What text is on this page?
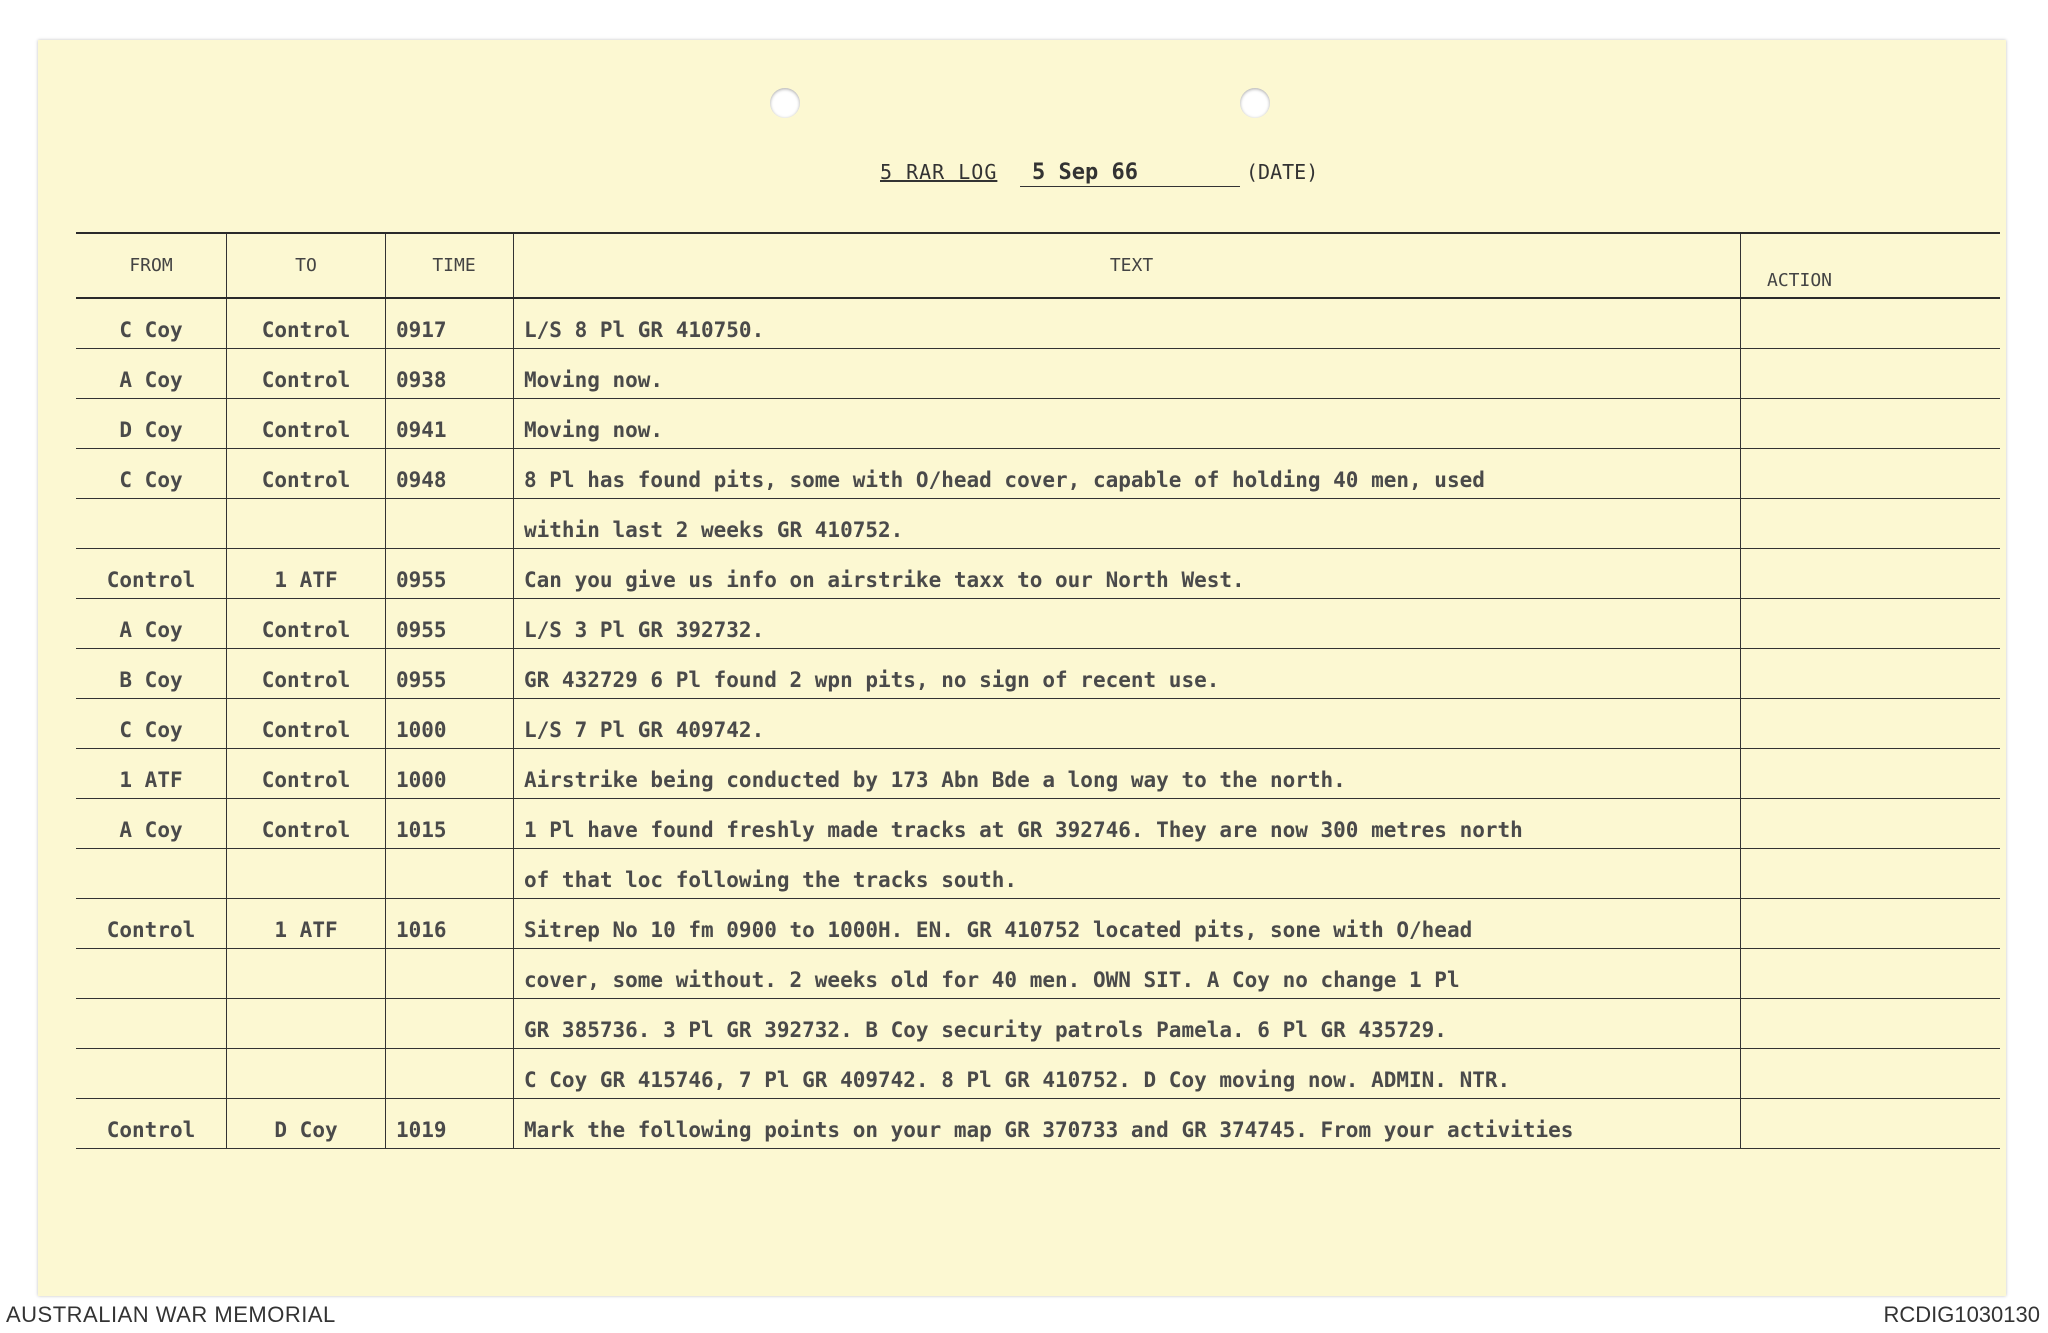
5 RAR LOG 5 Sep 66	(DATE)
FROM	TO	TIME	TEXT	ACTION
C Coy	Control	0917	L/S 8 Pl GR 410750.	
A Coy	Control	0938	Moving now.	
D Coy	Control	0941	Moving now.	
C Coy	Control	0948	8 Pl has found pits, some with O/head cover, capable of holding 40 men, used	
			within last 2 weeks GR 410752.	
Control	1 ATF	0955	Can you give us info on airstrike taxx to our North West.	
A Coy	Control	0955	L/S 3 Pl GR 392732.	
B Coy	Control	0955	GR 432729 6 Pl found 2 wpn pits, no sign of recent use.	
C Coy	Control	1000	L/S 7 Pl GR 409742.	
1 ATF	Control	1000	Airstrike being conducted by 173 Abn Bde a long way to the north.	
A Coy	Control	1015	1 Pl have found freshly made tracks at GR 392746. They are now 300 metres north	
			of that loc following the tracks south.	
Control	1 ATF	1016	Sitrep No 10 fm 0900 to 1000H. EN. GR 410752 located pits, sone with O/head	
			cover, some without. 2 weeks old for 40 men. OWN SIT. A Coy no change 1 Pl	
			GR 385736. 3 Pl GR 392732. B Coy security patrols Pamela. 6 Pl GR 435729.	
			C Coy GR 415746, 7 Pl GR 409742. 8 Pl GR 410752. D Coy moving now. ADMIN. NTR.	
Control	D Coy	1019	Mark the following points on your map GR 370733 and GR 374745. From your activities	
AUSTRALIAN WAR MEMORIAL	RCDIG1030130
